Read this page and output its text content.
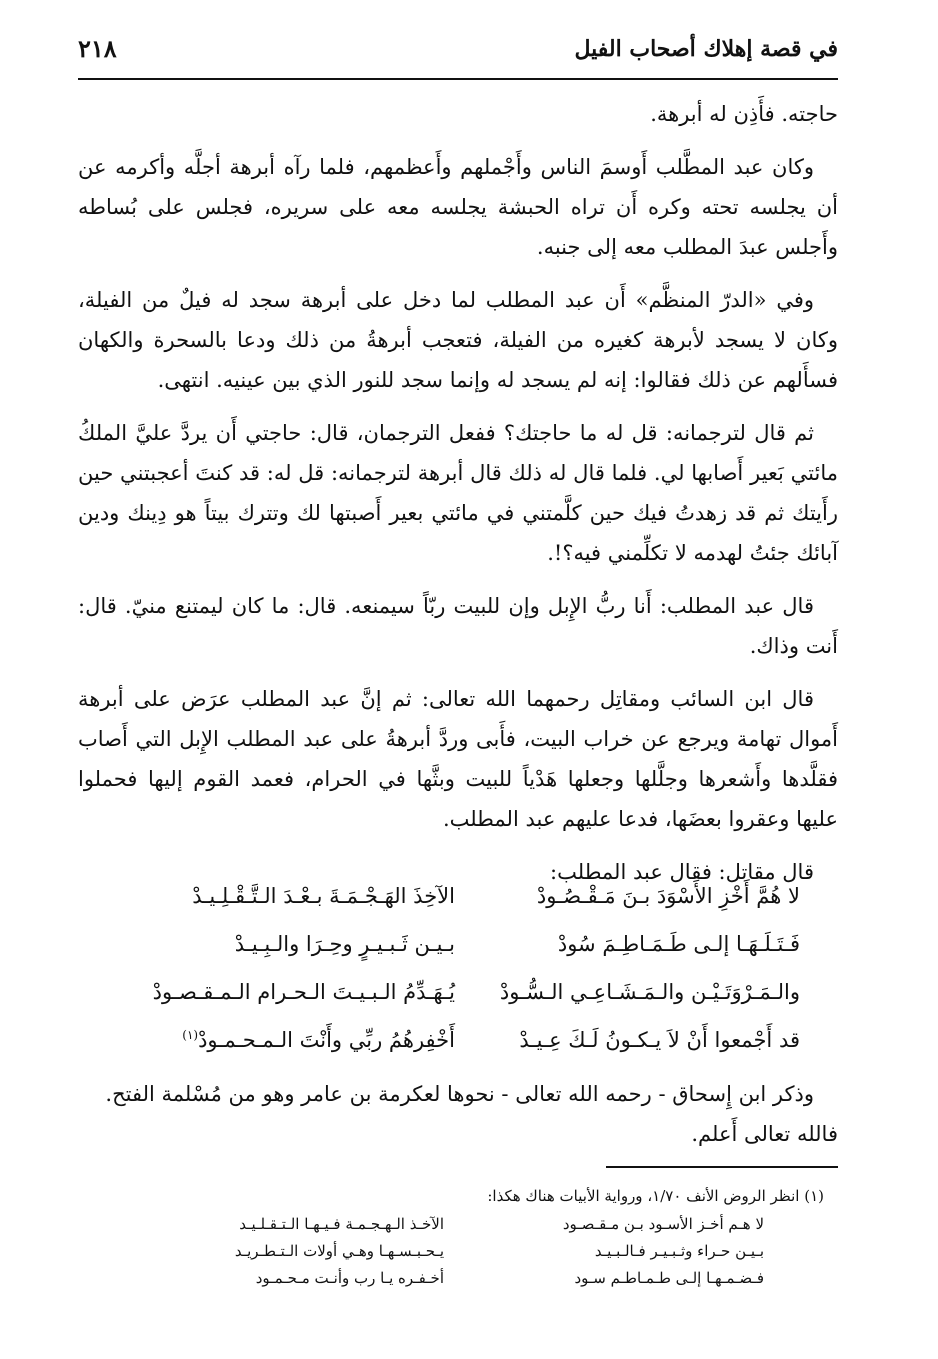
في قصة إهلاك أصحاب الفيل
٢١٨

حاجته. فأَذِن له أبرهة.

وكان عبد المطَّلب أَوسمَ الناس وأَجْملهم وأَعظمهم، فلما رآه أبرهة أجلَّه وأكرمه عن أن يجلسه تحته وكره أَن تراه الحبشة يجلسه معه على سريره، فجلس على بُساطه وأَجلس عبدَ المطلب معه إلى جنبه.

وفي «الدرّ المنظَّم» أَن عبد المطلب لما دخل على أبرهة سجد له فيلٌ من الفيلة، وكان لا يسجد لأبرهة كغيره من الفيلة، فتعجب أبرهةُ من ذلك ودعا بالسحرة والكهان فسأَلهم عن ذلك فقالوا: إنه لم يسجد له وإنما سجد للنور الذي بين عينيه. انتهى.

ثم قال لترجمانه: قل له ما حاجتك؟ ففعل الترجمان، قال: حاجتي أَن يردَّ عليَّ الملكُ مائتي بَعير أَصابها لي. فلما قال له ذلك قال أبرهة لترجمانه: قل له: قد كنتَ أعجبتني حين رأَيتك ثم قد زهدتُ فيك حين كلَّمتني في مائتي بعير أَصبتها لك وتترك بيتاً هو دِينك ودين آبائك جئتُ لهدمه لا تكلِّمني فيه؟!.

قال عبد المطلب: أَنا ربُّ الإِبل وإن للبيت ربّاً سيمنعه. قال: ما كان ليمتنع منيّ. قال: أَنت وذاك.

قال ابن السائب ومقاتِل رحمهما الله تعالى: ثم إنَّ عبد المطلب عرَض على أبرهة أَموال تهامة ويرجع عن خراب البيت، فأَبى وردَّ أبرهةُ على عبد المطلب الإِبل التي أَصاب فقلَّدها وأَشعرها وجلَّلها وجعلها هَدْياً للبيت وبثَّها في الحرام، فعمد القوم إليها فحملوا عليها وعقروا بعضَها، فدعا عليهم عبد المطلب.

قال مقاتل: فقال عبد المطلب:

لا هُمَّ أَخْزِ الأَسْوَدَ بـنَ مَـقْـصُـودْالآخِذَ الهَـجْـمَـةَ بـعْـدَ الـتَّـقْـلِـيـدْ
فَـتَـلَـهَـا إلـى طَـمَـاطِـمَ سُودْبـيـن ثَـبـيـرٍ وحِـرَا والـبِـيـدْ
والـمَـرْوَتَـيْـن والـمَـشَـاعِـي الـسُّـودْيُـهَـدِّمُ الـبـيـتَ الـحـرام الـمـقـصـودْ
قد أَجْمعوا أَنْ لاَ يـكـونُ لَـكَ عِـيـدْأَخْفِرهُمُ ربِّي وأَنْتَ الـمـحـمـودْ$^{(١)}$

وذكر ابن إِسحاق - رحمه الله تعالى - نحوها لعكرمة بن عامر وهو من مُسْلمة الفتح.

فالله تعالى أَعلم.

(١) انظر الروض الأنف ١/٧٠، ورواية الأبيات هناك هكذا:
لا هـم أخـز الأسـود بـن مـقـصـودالآخـذ الـهـجـمـة فـيـهـا الـتـقـلـيـد
بـيـن حـراء وثـبـيـر فـالـبـيـديـحـبـسـهـا وهـي أولات الـتـطـريـد
فـضـمـهـا إلـى طـمـاطـم سـودأخـفـره يـا رب وأنـت مـحـمـود
